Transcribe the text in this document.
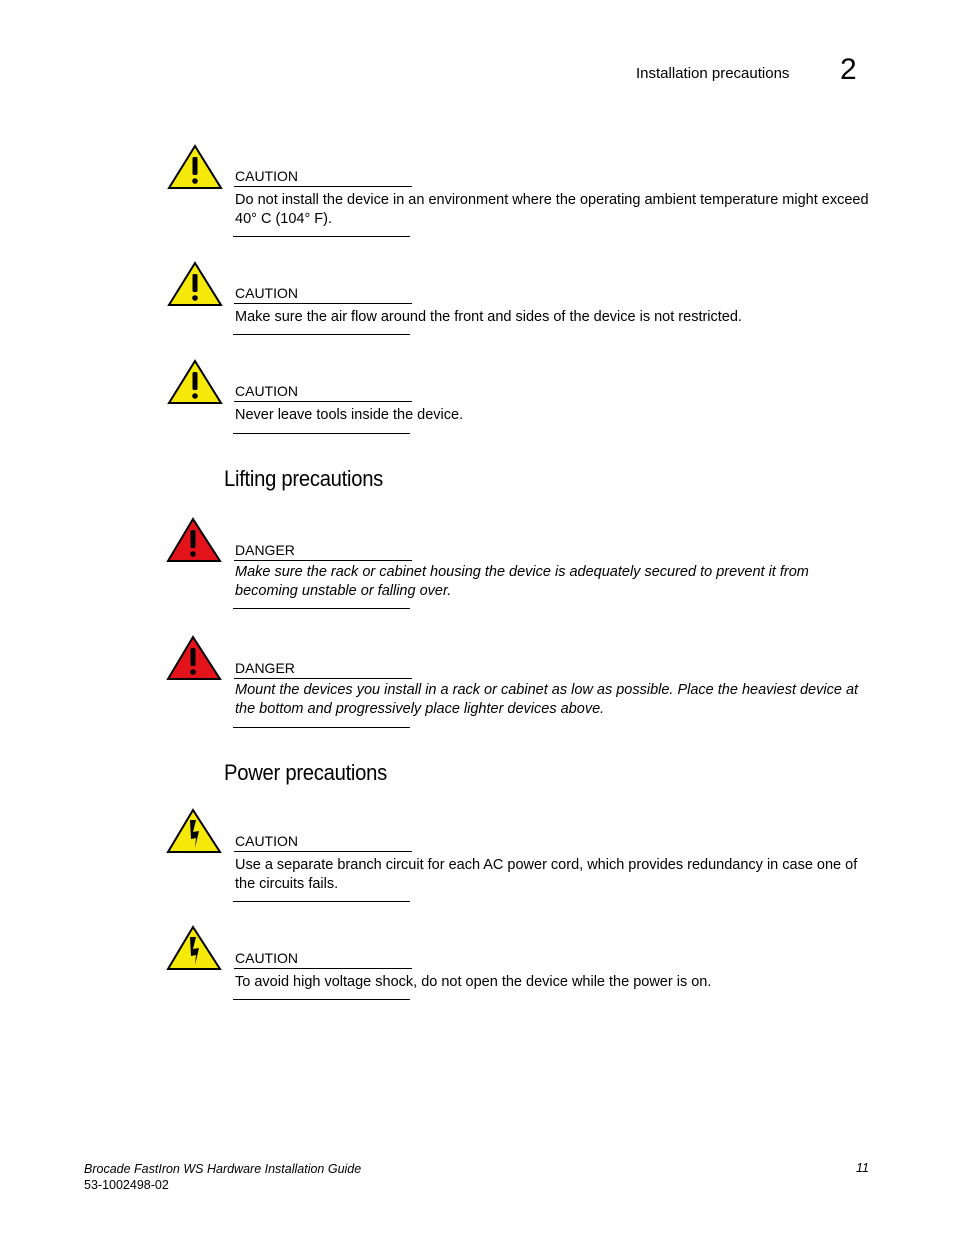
Installation precautions 2
CAUTION
Do not install the device in an environment where the operating ambient temperature might exceed 40° C (104° F).
CAUTION
Make sure the air flow around the front and sides of the device is not restricted.
CAUTION
Never leave tools inside the device.
Lifting precautions
DANGER
Make sure the rack or cabinet housing the device is adequately secured to prevent it from becoming unstable or falling over.
DANGER
Mount the devices you install in a rack or cabinet as low as possible. Place the heaviest device at the bottom and progressively place lighter devices above.
Power precautions
CAUTION
Use a separate branch circuit for each AC power cord, which provides redundancy in case one of the circuits fails.
CAUTION
To avoid high voltage shock, do not open the device while the power is on.
Brocade FastIron WS Hardware Installation Guide
53-1002498-02
11
